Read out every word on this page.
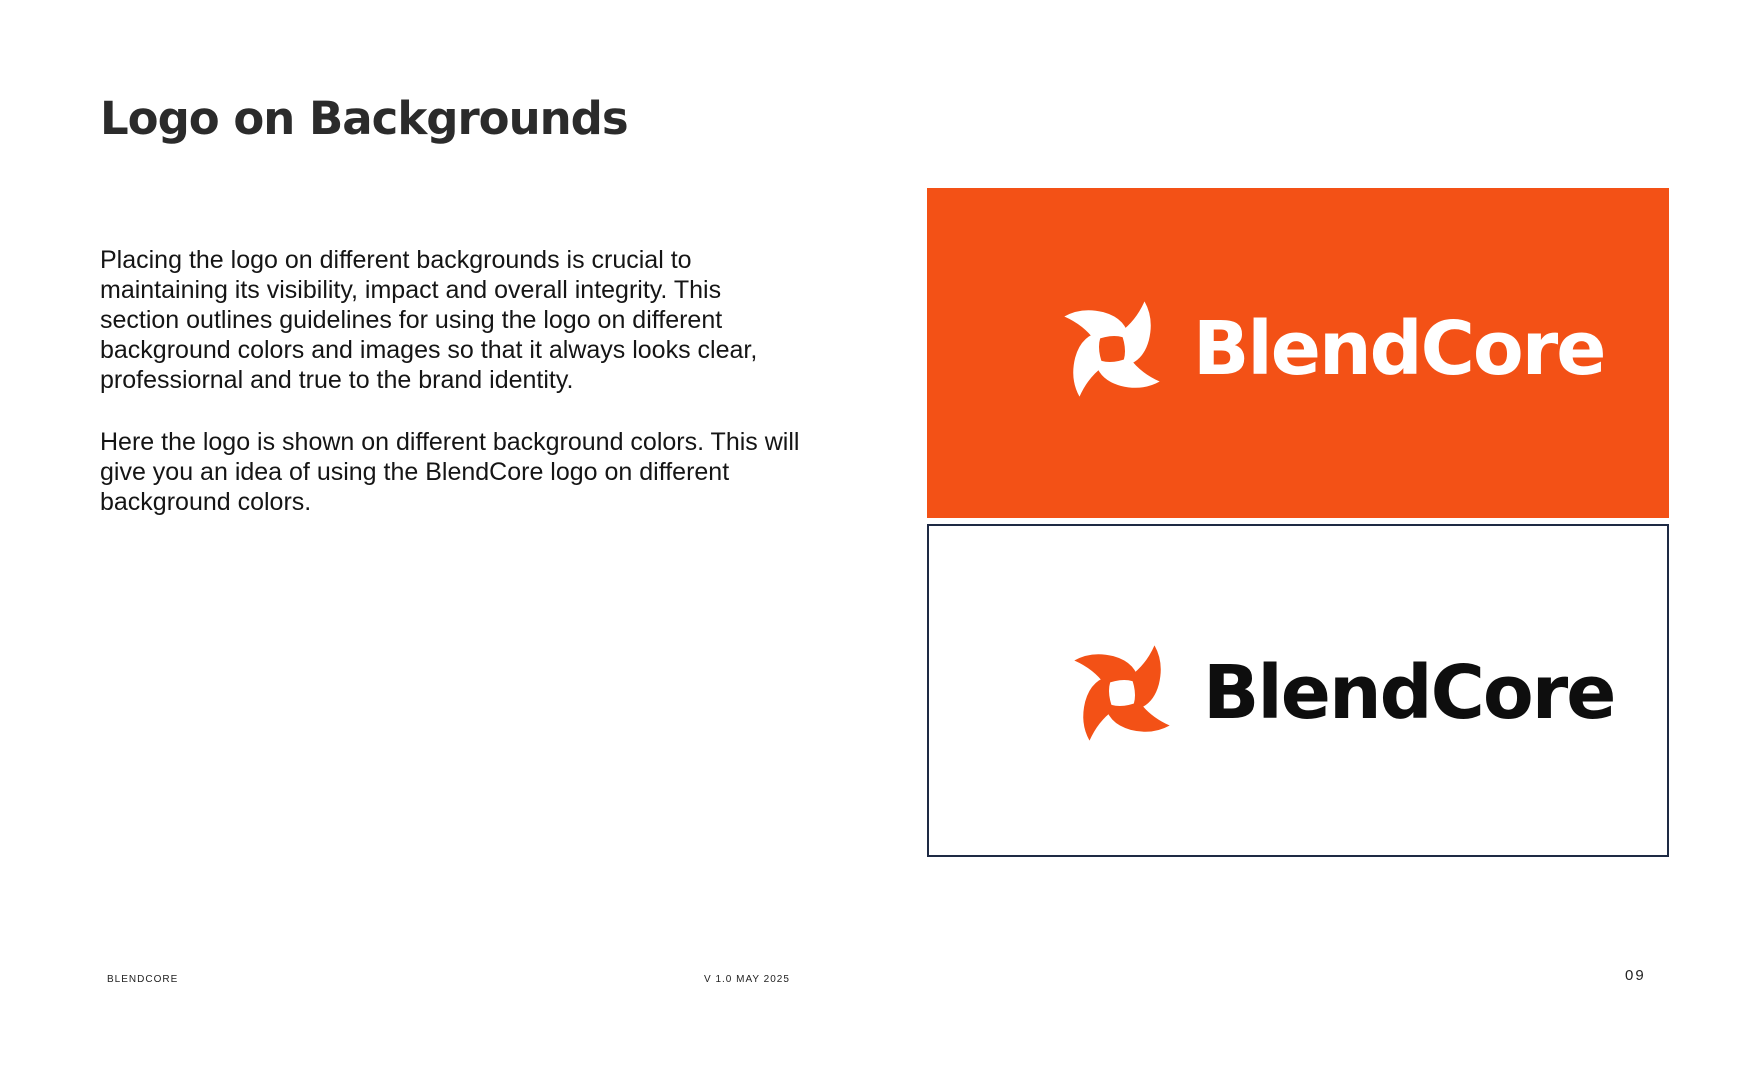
Logo on Backgrounds

Placing the logo on different backgrounds is crucial to maintaining its visibility, impact and overall integrity. This section outlines guidelines for using the logo on different background colors and images so that it always looks clear, professiornal and true to the brand identity.

Here the logo is shown on different background colors. This will give you an idea of using the BlendCore logo on different background colors.

BlendCore
BlendCore
BLENDCORE	V 1.0 MAY 2025	09
